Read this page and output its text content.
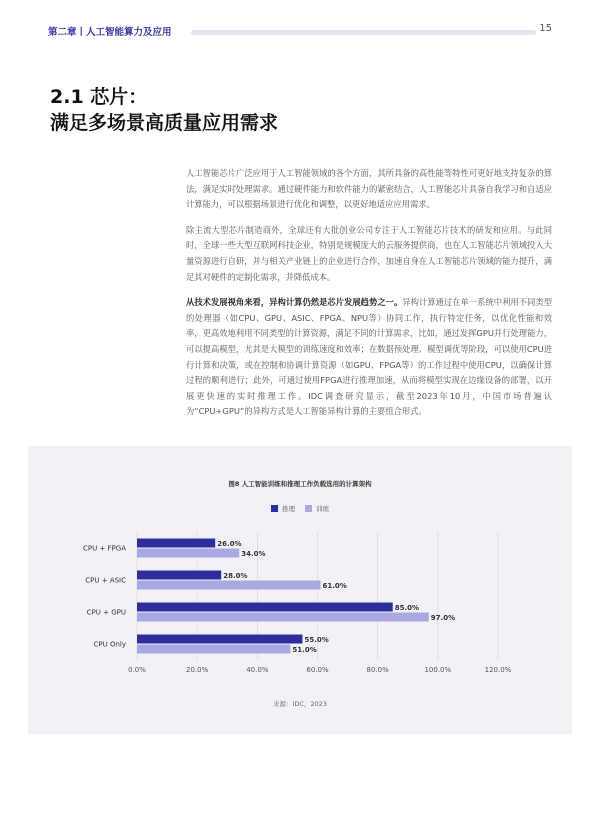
第二章丨人工智能算力及应用	15
2.1 芯片：
满足多场景高质量应用需求

人工智能芯片广泛应用于人工智能领域的各个方面，其所具备的高性能等特性可更好地支持复杂的算法，满足实时处理需求。通过硬件能力和软件能力的紧密结合，人工智能芯片具备自我学习和自适应计算能力，可以根据场景进行优化和调整，以更好地适应应用需求。

除主流大型芯片制造商外，全球还有大批创业公司专注于人工智能芯片技术的研发和应用。与此同时，全球一些大型互联网科技企业，特别是规模庞大的云服务提供商，也在人工智能芯片领域投入大量资源进行自研，并与相关产业链上的企业进行合作，加速自身在人工智能芯片领域的能力提升，满足其对硬件的定制化需求，并降低成本。

从技术发展视角来看，异构计算仍然是芯片发展趋势之一。异构计算通过在单一系统中利用不同类型的处理器（如CPU、GPU、ASIC、FPGA、NPU等）协同工作，执行特定任务，以优化性能和效率，更高效地利用不同类型的计算资源，满足不同的计算需求，比如，通过发挥GPU并行处理能力，可以提高模型，尤其是大模型的训练速度和效率；在数据预处理、模型调优等阶段，可以使用CPU进行计算和决策，或在控制和协调计算资源（如GPU、FPGA等）的工作过程中使用CPU，以确保计算过程的顺利进行；此外，可通过使用FPGA进行推理加速，从而将模型实现在边缘设备的部署，以开展更快速的实时推理工作。IDC调查研究显示，截至2023年10月，中国市场普遍认为“CPU+GPU”的异构方式是人工智能异构计算的主要组合形式。

图8 人工智能训练和推理工作负载选用的计算架构
推理	训练
0.0%	20.0%	40.0%	60.0%	80.0%	100.0%	120.0%
CPU + FPGA
26.0%
34.0%
CPU + ASIC
28.0%
61.0%
CPU + GPU
85.0%
97.0%
CPU Only
55.0%
51.0%
来源：IDC，2023
